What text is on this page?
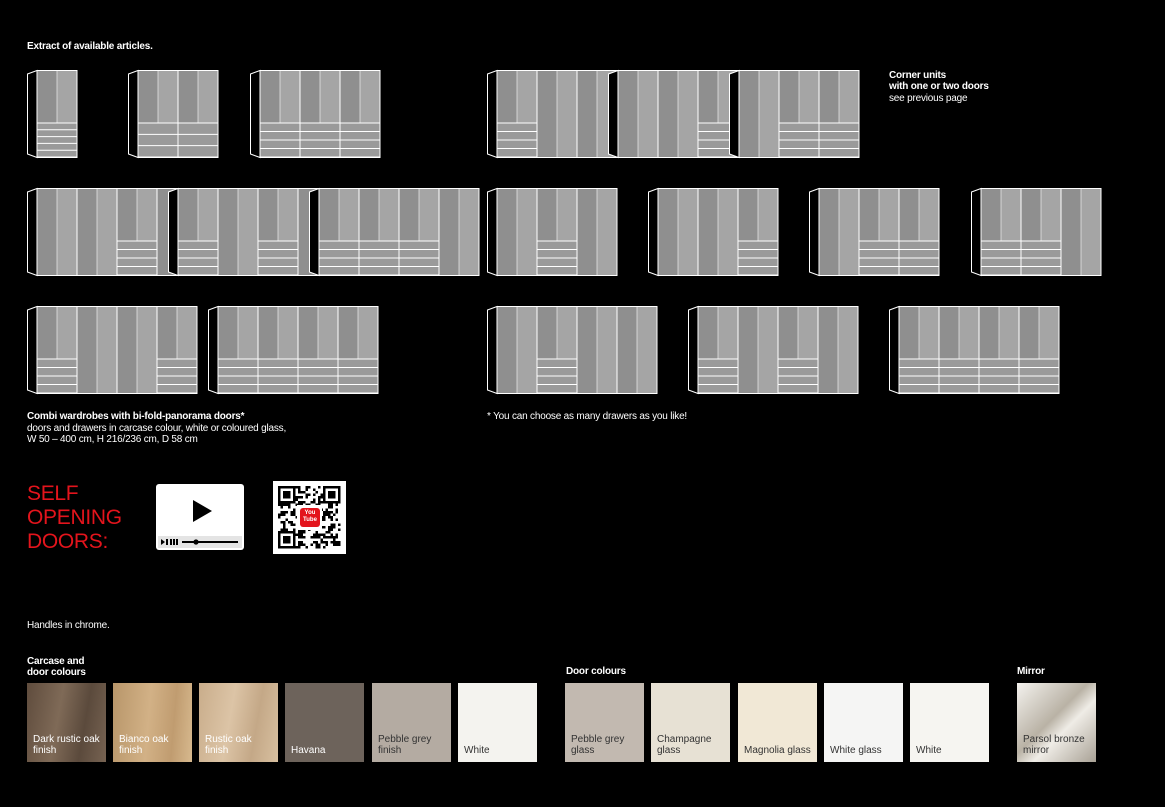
Extract of available articles.
Corner units
with one or two doors
see previous page
Combi wardrobes with bi-fold-panorama doors*
doors and drawers in carcase colour, white or coloured glass,
W 50 – 400 cm, H 216/236 cm, D 58 cm
* You can choose as many drawers as you like!
SELF
OPENING
DOORS:
You
Tube
Handles in chrome.
Carcase and
door colours	Door colours	Mirror
Dark rustic oak
finish
Bianco oak
finish
Rustic oak
finish	Havana
Pebble grey
finish	White
Pebble grey
glass
Champagne
glass	Magnolia glass White glass	White
Parsol bronze
mirror
